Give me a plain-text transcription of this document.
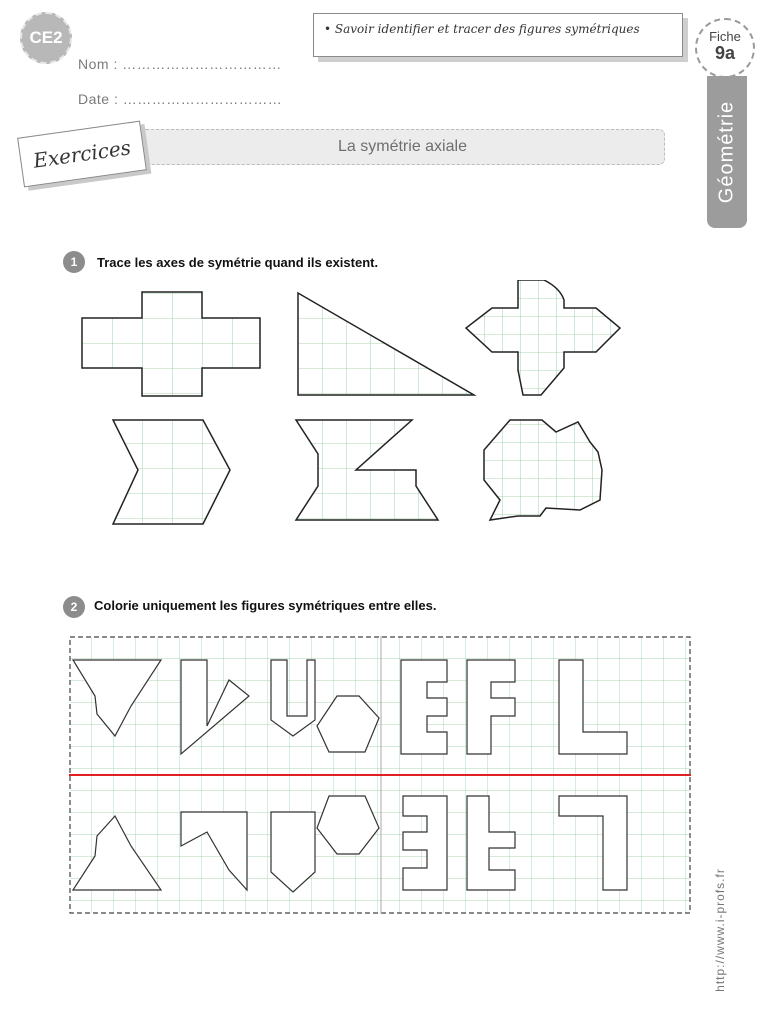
CE2
Nom : ……………………………
Date : ……………………………
• Savoir identifier et tracer des figures symétriques	Fiche
9a
Géométrie
La symétrie axiale
Exercices
1	Trace les axes de symétrie quand ils existent.
2	Colorie uniquement les figures symétriques entre elles.
http://www.i-profs.fr
